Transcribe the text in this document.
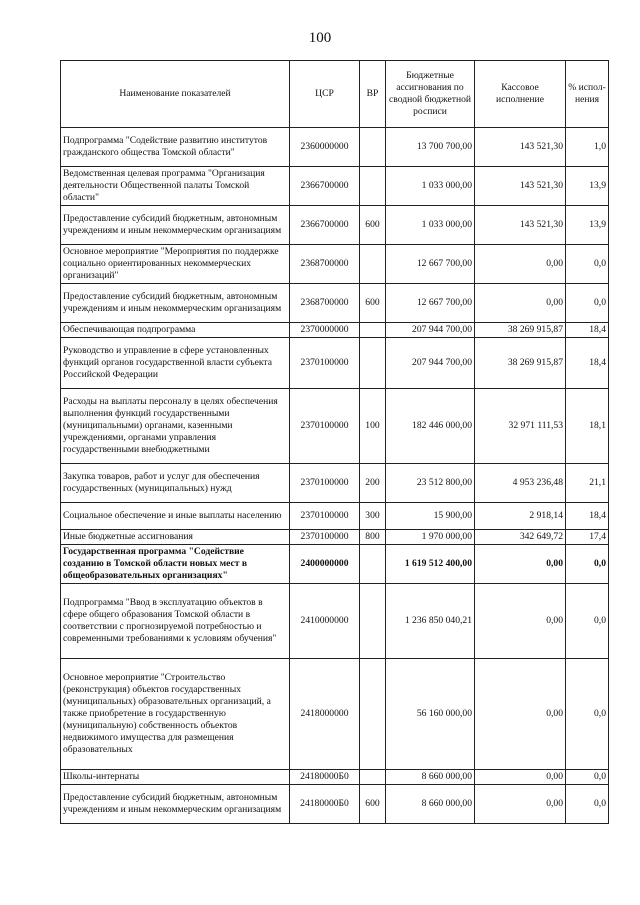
100
Наименование показателей	ЦСР	ВР	Бюджетные ассигнования по сводной бюджетной росписи	Кассовое исполнение	% испол-нения
Подпрограмма "Содействие развитию институтов гражданского общества Томской области"	2360000000		13 700 700,00	143 521,30	1,0
Ведомственная целевая программа "Организация деятельности Общественной палаты Томской области"	2366700000		1 033 000,00	143 521,30	13,9
Предоставление субсидий бюджетным, автономным учреждениям и иным некоммерческим организациям	2366700000	600	1 033 000,00	143 521,30	13,9
Основное мероприятие "Мероприятия по поддержке социально ориентированных некоммерческих организаций"	2368700000		12 667 700,00	0,00	0,0
Предоставление субсидий бюджетным, автономным учреждениям и иным некоммерческим организациям	2368700000	600	12 667 700,00	0,00	0,0
Обеспечивающая подпрограмма	2370000000		207 944 700,00	38 269 915,87	18,4
Руководство и управление в сфере установленных функций органов государственной власти субъекта Российской Федерации	2370100000		207 944 700,00	38 269 915,87	18,4
Расходы на выплаты персоналу в целях обеспечения выполнения функций государственными (муниципальными) органами, казенными учреждениями, органами управления государственными внебюджетными	2370100000	100	182 446 000,00	32 971 111,53	18,1
Закупка товаров, работ и услуг для обеспечения государственных (муниципальных) нужд	2370100000	200	23 512 800,00	4 953 236,48	21,1
Социальное обеспечение и иные выплаты населению	2370100000	300	15 900,00	2 918,14	18,4
Иные бюджетные ассигнования	2370100000	800	1 970 000,00	342 649,72	17,4
Государственная программа "Содействие созданию в Томской области новых мест в общеобразовательных организациях"	2400000000		1 619 512 400,00	0,00	0,0
Подпрограмма "Ввод в эксплуатацию объектов в сфере общего образования Томской области в соответствии с прогнозируемой потребностью и современными требованиями к условиям обучения"	2410000000		1 236 850 040,21	0,00	0,0
Основное мероприятие "Строительство (реконструкция) объектов государственных (муниципальных) образовательных организаций, а также приобретение в государственную (муниципальную) собственность объектов недвижимого имущества для размещения образовательных	2418000000		56 160 000,00	0,00	0,0
Школы-интернаты	24180000Б0		8 660 000,00	0,00	0,0
Предоставление субсидий бюджетным, автономным учреждениям и иным некоммерческим организациям	24180000Б0	600	8 660 000,00	0,00	0,0
